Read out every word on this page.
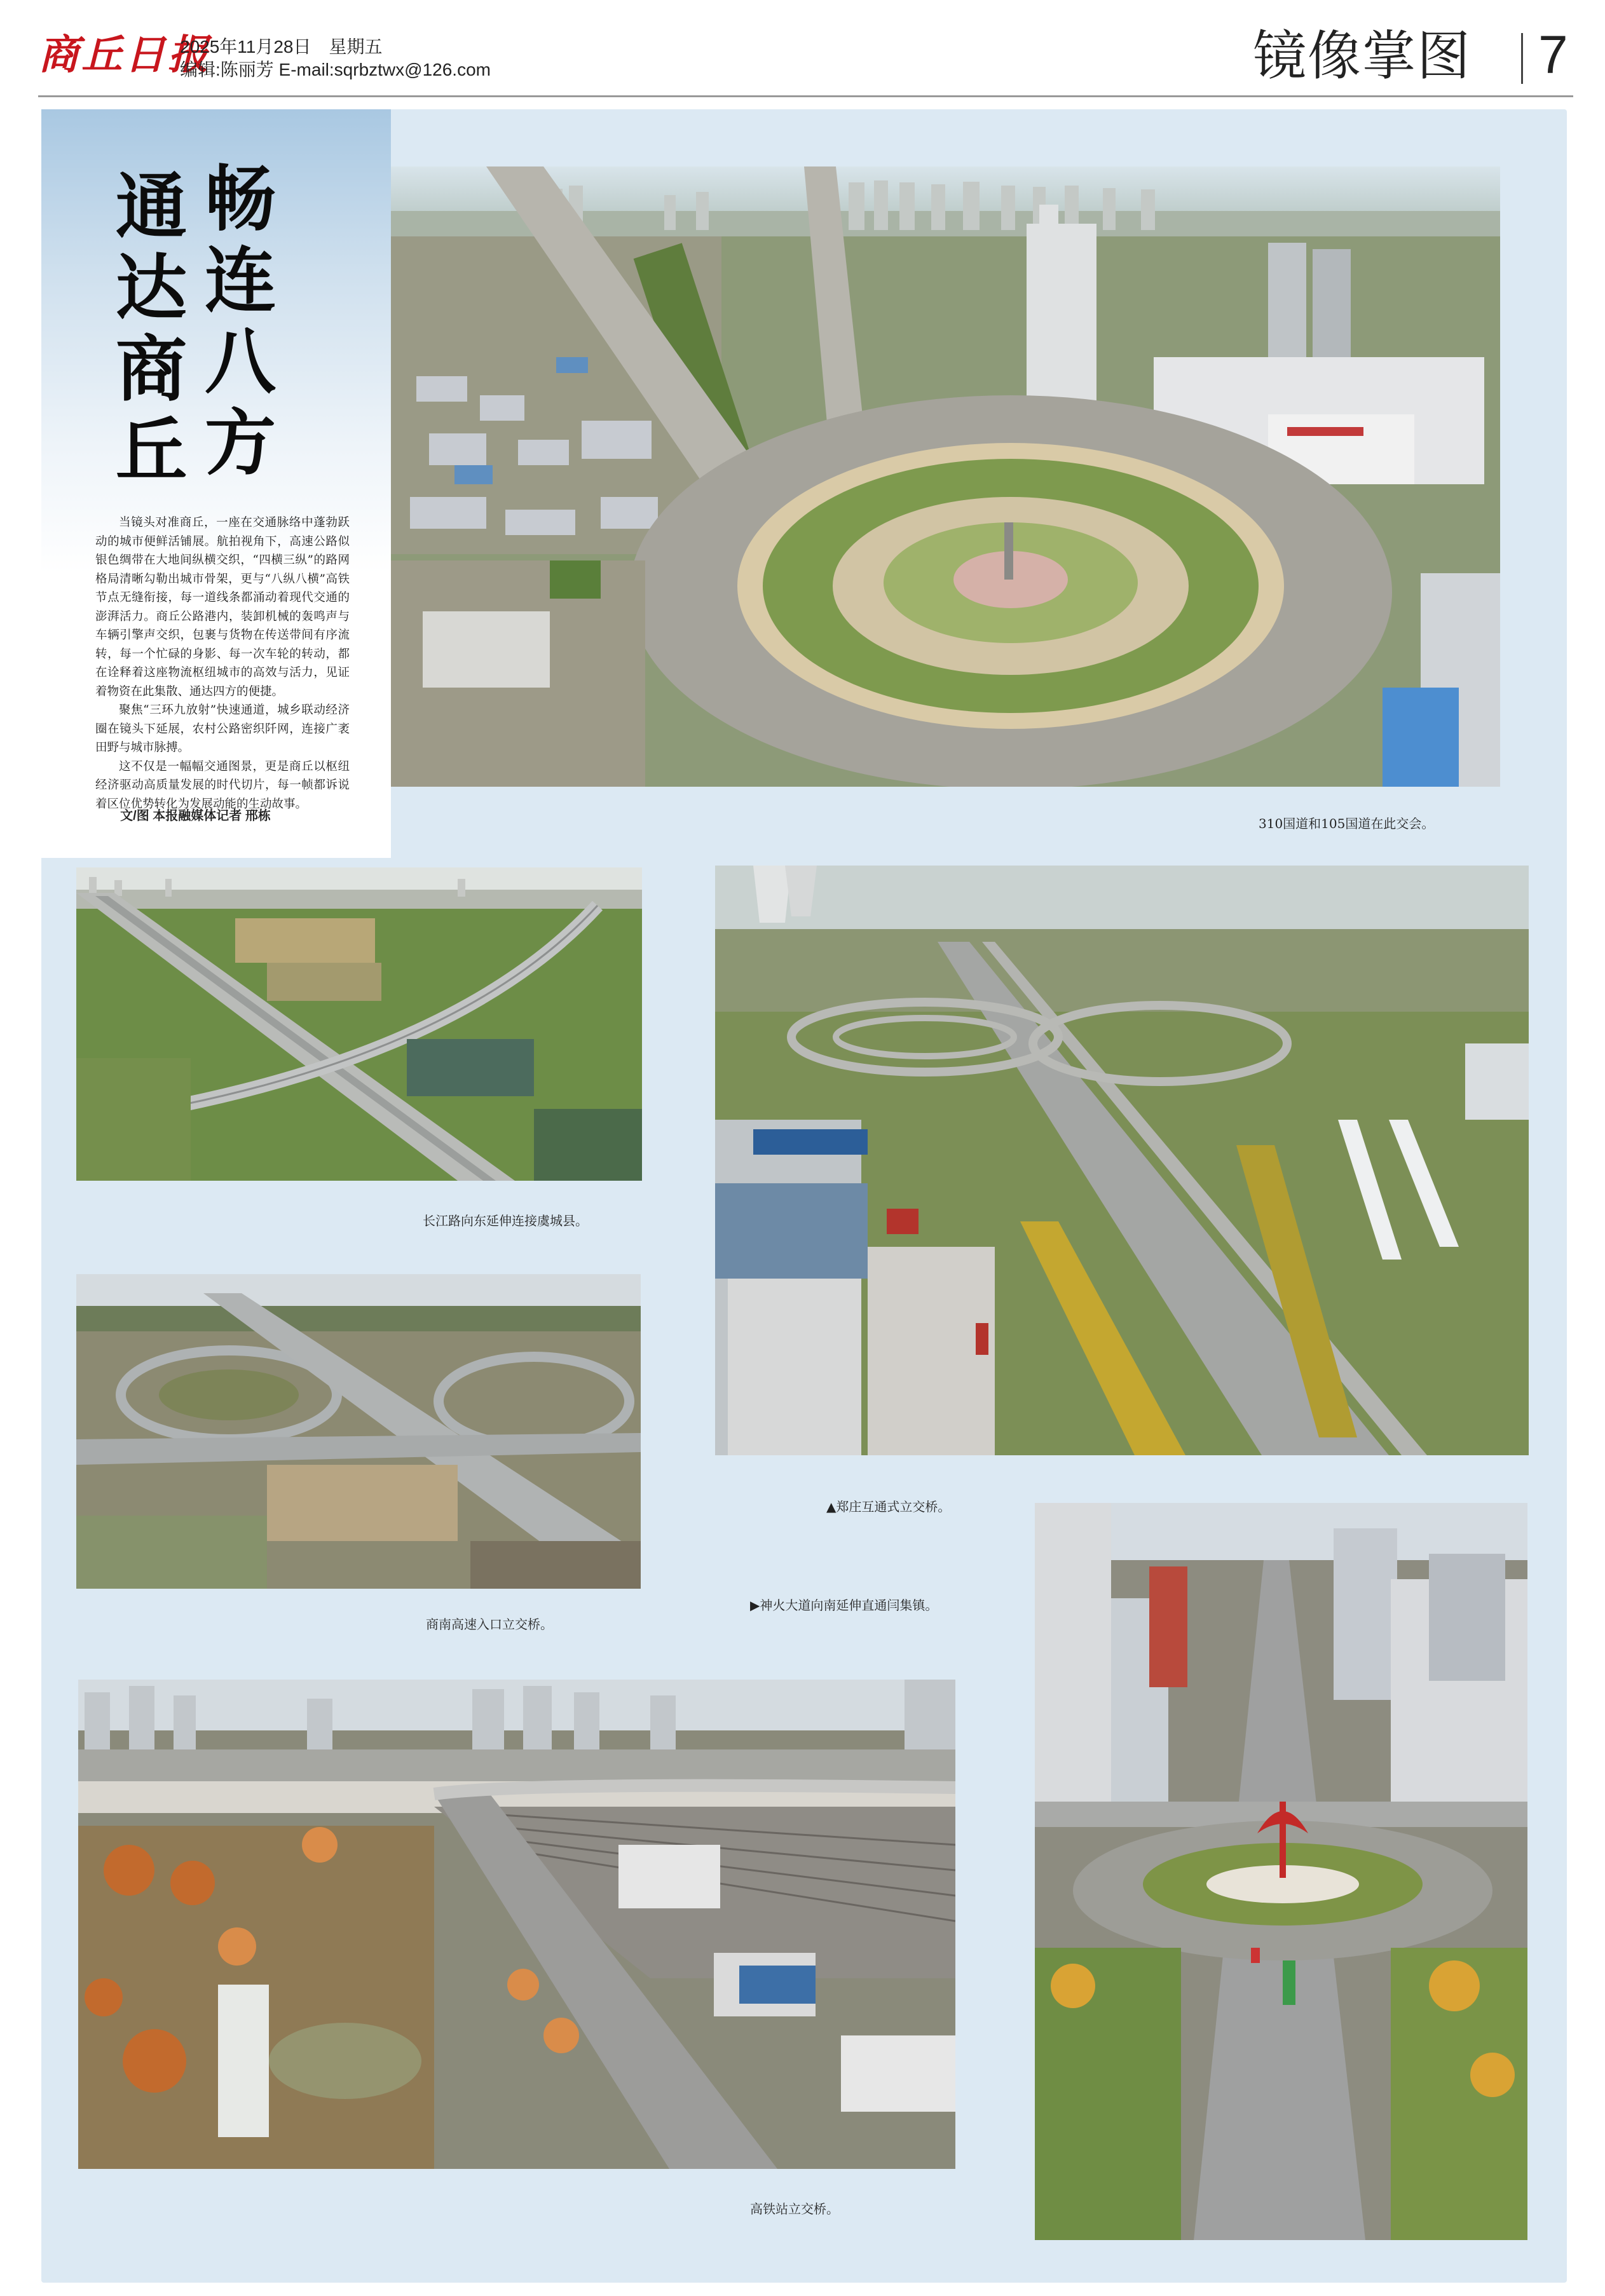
商丘日报
2025年11月28日　星期五
编辑:陈丽芳 E-mail:sqrbztwx@126.com	镜像掌图 7
畅连八方
通达商丘

当镜头对准商丘，一座在交通脉络中蓬勃跃动的城市便鲜活铺展。航拍视角下，高速公路似银色绸带在大地间纵横交织，“四横三纵”的路网格局清晰勾勒出城市骨架，更与“八纵八横”高铁节点无缝衔接，每一道线条都涌动着现代交通的澎湃活力。商丘公路港内，装卸机械的轰鸣声与车辆引擎声交织，包裹与货物在传送带间有序流转，每一个忙碌的身影、每一次车轮的转动，都在诠释着这座物流枢纽城市的高效与活力，见证着物资在此集散、通达四方的便捷。

聚焦“三环九放射”快速通道，城乡联动经济圈在镜头下延展，农村公路密织阡网，连接广袤田野与城市脉搏。

这不仅是一幅幅交通图景，更是商丘以枢纽经济驱动高质量发展的时代切片，每一帧都诉说着区位优势转化为发展动能的生动故事。

文/图 本报融媒体记者 邢栋	310国道和105国道在此交会。
长江路向东延伸连接虞城县。
▲郑庄互通式立交桥。
商南高速入口立交桥。
▶神火大道向南延伸直通闫集镇。
高铁站立交桥。
